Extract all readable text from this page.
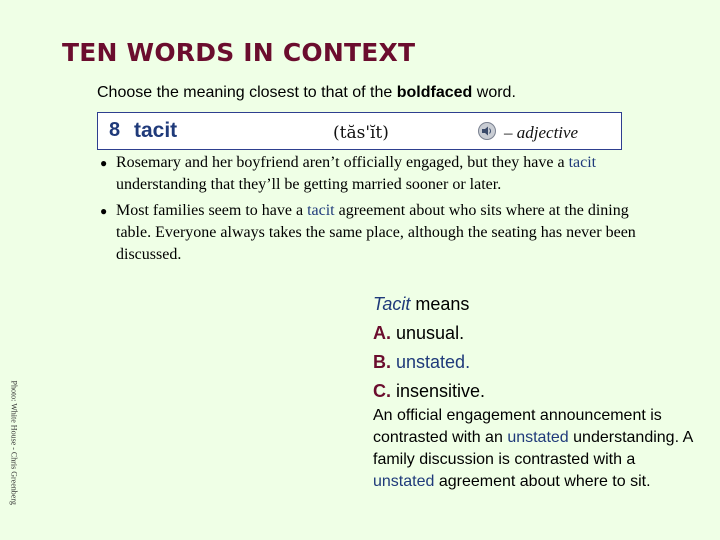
TEN WORDS IN CONTEXT
Choose the meaning closest to that of the boldfaced word.
8 tacit	(tăs'ĭt)	– adjective
● Rosemary and her boyfriend aren’t officially engaged, but they have a tacit understanding that they’ll be getting married sooner or later.
● Most families seem to have a tacit agreement about who sits where at the dining table. Everyone always takes the same place, although the seating has never been discussed.
Photo: White House - Chris Greenberg
Tacit means
A. unusual.
B. unstated.
C. insensitive.
An official engagement announcement is contrasted with an unstated understanding. A family discussion is contrasted with a unstated agreement about where to sit.
